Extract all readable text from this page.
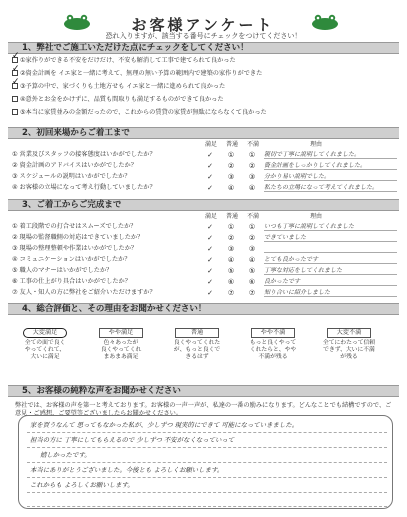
お客様アンケート
恐れ入りますが、該当する番号にチェックをつけてください！
1、弊社でご施工いただけた点にチェックをしてください！
✓①家作りができる不安をだけだけ、不安も解消して工事で建てられて良かった
✓②資金計画を イエ家と一緒に考えて、無理の無い予算の範囲内で建築の家作りができた
✓③予算の中で、家づくりも土地方せも イエ家と一緒に進められて良かった
④意外とお金をかけずに、品質も間取りも満足するものができて良かった
⑤本当に家賃並みの金額だったので、これからの賃貸の家賃が無駄にならなくて良かった
2、初回来場からご着工まで
満足 普通 不満	理由
① 営業及びスタッフの接客態度はいかがでしたか？	✓ ① ①	親切で丁寧に説明してくれました。
② 資金計画のアドバイスはいかがでしたか？	✓ ② ②	資金計画をしっかりしてくれました。
③ スケジュールの説明はいかがでしたか？	✓ ③ ③	分かり易い説明でした。
④ お客様の立場になって考え行動していましたか？	✓ ④ ④	私たちの立場になって考えてくれました。
3、ご着工からご完成まで
満足 普通 不満	理由
① 着工段階での打合せはスムーズでしたか？	✓ ① ①	いつも丁寧に説明してくれました
② 現場の監督職側の対応はできていましたか？	✓ ② ②	できていました
③ 現場の整理整頓や作業はいかがでしたか？	✓ ③ ③
④ コミュニケーションはいかがでしたか？	✓ ④ ④	とても良かったです
⑤ 職人のマナーはいかがでしたか？	✓ ⑤ ⑤	丁寧な対応をしてくれました
⑥ 工事の仕上がり具合はいかがでしたか？	✓ ⑥ ⑥	良かったです
⑦ 友人・知人の方に弊社をご紹介いただけますか？	✓ ⑦ ⑦	知り合いに紹介しました
4、総合評価と、その理由をお聞かせください！
大変満足
全ての面で良く
やってくれて、
大いに満足
やや満足
色々あったが
良くやってくれ
まあまあ満足
普通
良くやってくれた
が、もっと良くで
きるはず
やや不満
もっと良くやって
くれたらと、やや
不満が残る
大変不満
全てにわたって信頼
できず、大いに不満
が残る
5、お客様の純粋な声をお聞かせください
弊社では、お客様の声を第一と考えております。お客様の一声一声が、私達の一番の励みになります。どんなことでも結構ですので、ご意見・ご感想、ご要望等ございましたらお聞かせください。
家を買うなんて 思ってもなかった私が、少しずつ 現実的にできて 可能になっていきました。
担当の方に 丁寧にしてもらえるので 少しずつ 不安がなくなっていって
嬉しかったです。
本当にありがとうございました。今後とも よろしくお願いします。
これからも よろしくお願いします。
